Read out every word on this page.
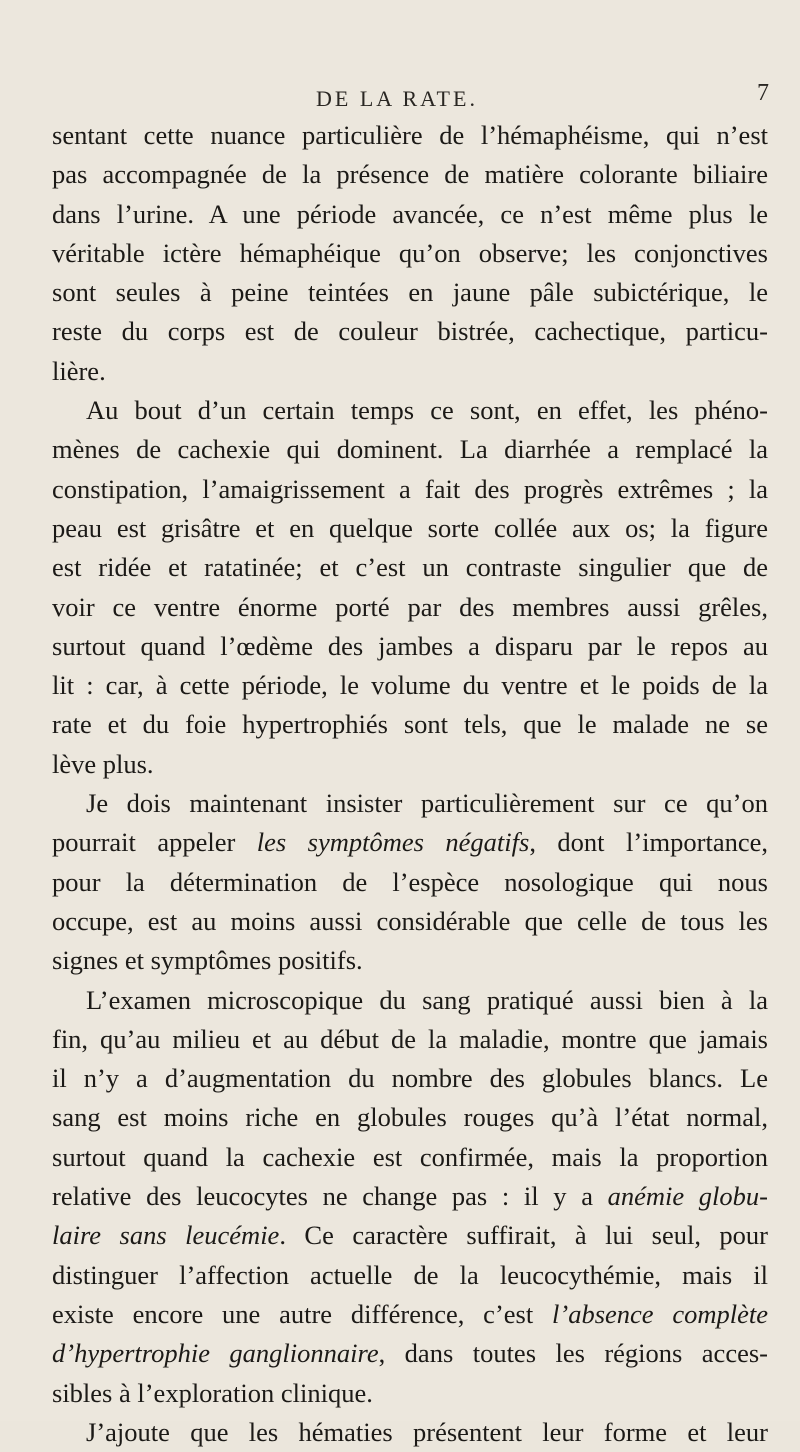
DE LA RATE.	7
sentant cette nuance particulière de l’hémaphéisme, qui n’est
pas accompagnée de la présence de matière colorante biliaire
dans l’urine. A une période avancée, ce n’est même plus le
véritable ictère hémaphéique qu’on observe; les conjonctives
sont seules à peine teintées en jaune pâle subictérique, le
reste du corps est de couleur bistrée, cachectique, particu-
lière.
Au bout d’un certain temps ce sont, en effet, les phéno-
mènes de cachexie qui dominent. La diarrhée a remplacé la
constipation, l’amaigrissement a fait des progrès extrêmes ; la
peau est grisâtre et en quelque sorte collée aux os; la figure
est ridée et ratatinée; et c’est un contraste singulier que de
voir ce ventre énorme porté par des membres aussi grêles,
surtout quand l’œdème des jambes a disparu par le repos au
lit : car, à cette période, le volume du ventre et le poids de la
rate et du foie hypertrophiés sont tels, que le malade ne se
lève plus.
Je dois maintenant insister particulièrement sur ce qu’on
pourrait appeler les symptômes négatifs, dont l’importance,
pour la détermination de l’espèce nosologique qui nous
occupe, est au moins aussi considérable que celle de tous les
signes et symptômes positifs.
L’examen microscopique du sang pratiqué aussi bien à la
fin, qu’au milieu et au début de la maladie, montre que jamais
il n’y a d’augmentation du nombre des globules blancs. Le
sang est moins riche en globules rouges qu’à l’état normal,
surtout quand la cachexie est confirmée, mais la proportion
relative des leucocytes ne change pas : il y a anémie globu-
laire sans leucémie. Ce caractère suffirait, à lui seul, pour
distinguer l’affection actuelle de la leucocythémie, mais il
existe encore une autre différence, c’est l’absence complète
d’hypertrophie ganglionnaire, dans toutes les régions acces-
sibles à l’exploration clinique.
J’ajoute que les hématies présentent leur forme et leur
